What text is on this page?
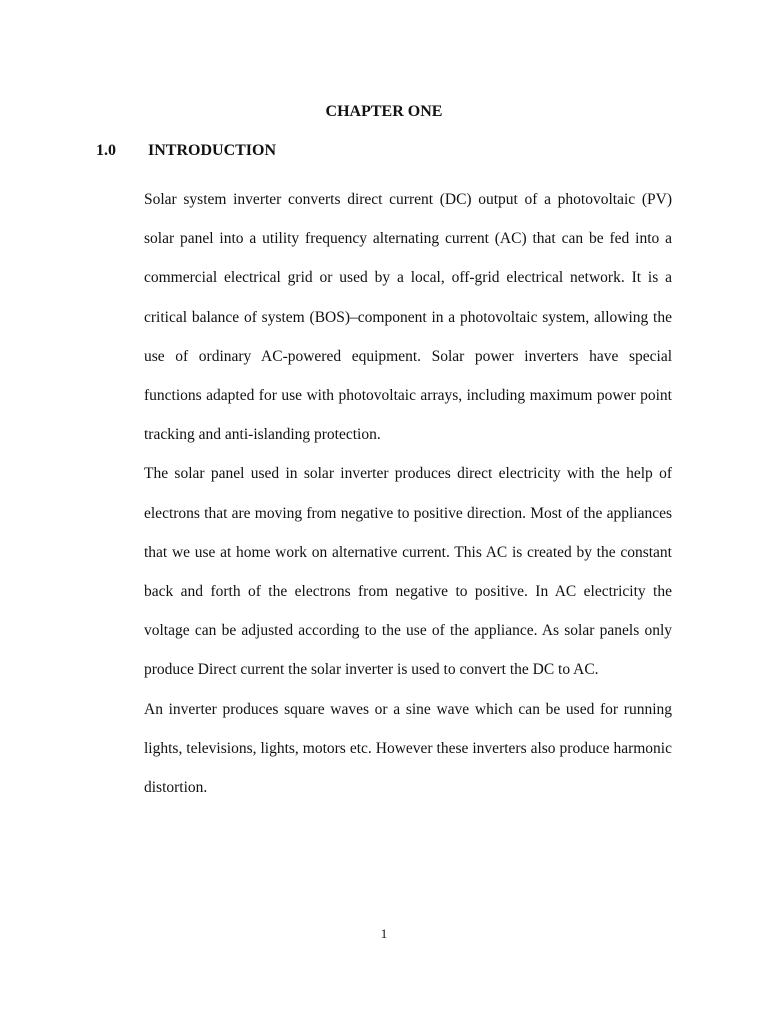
CHAPTER ONE
1.0 INTRODUCTION

Solar system inverter converts direct current (DC) output of a photovoltaic (PV) solar panel into a utility frequency alternating current (AC) that can be fed into a commercial electrical grid or used by a local, off-grid electrical network. It is a critical balance of system (BOS)–component in a photovoltaic system, allowing the use of ordinary AC-powered equipment. Solar power inverters have special functions adapted for use with photovoltaic arrays, including maximum power point tracking and anti-islanding protection.

The solar panel used in solar inverter produces direct electricity with the help of electrons that are moving from negative to positive direction. Most of the appliances that we use at home work on alternative current. This AC is created by the constant back and forth of the electrons from negative to positive. In AC electricity the voltage can be adjusted according to the use of the appliance. As solar panels only produce Direct current the solar inverter is used to convert the DC to AC.

An inverter produces square waves or a sine wave which can be used for running lights, televisions, lights, motors etc. However these inverters also produce harmonic distortion.

1
